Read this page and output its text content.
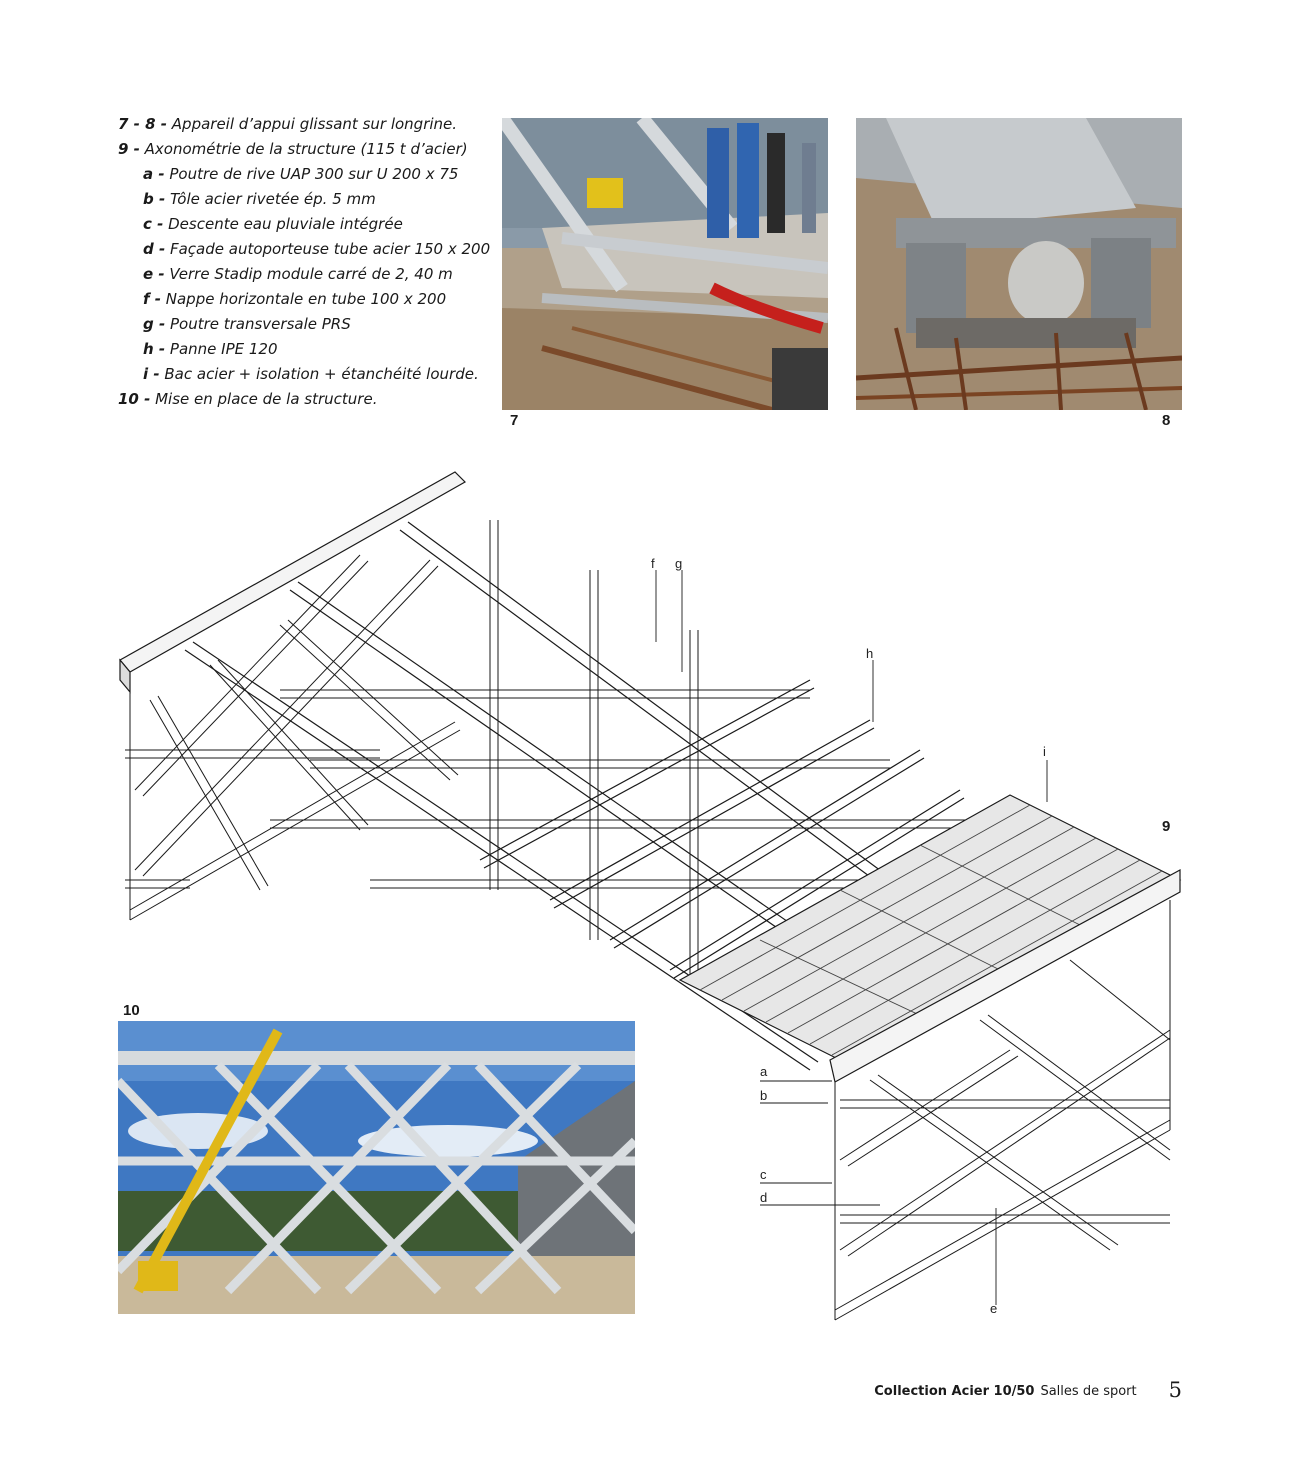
7 - 8 - Appareil d’appui glissant sur longrine.
9 - Axonométrie de la structure (115 t d’acier)
a - Poutre de rive UAP 300 sur U 200 x 75
b - Tôle acier rivetée ép. 5 mm
c - Descente eau pluviale intégrée
d - Façade autoporteuse tube acier 150 x 200
e - Verre Stadip module carré de 2, 40 m
f - Nappe horizontale en tube 100 x 200
g - Poutre transversale PRS
h - Panne IPE 120
i - Bac acier + isolation + étanchéité lourde.
10 - Mise en place de la structure.
7	8
f g
h
i
a
b
c
d
e
9
10
Collection Acier 10/50 Salles de sport 5
